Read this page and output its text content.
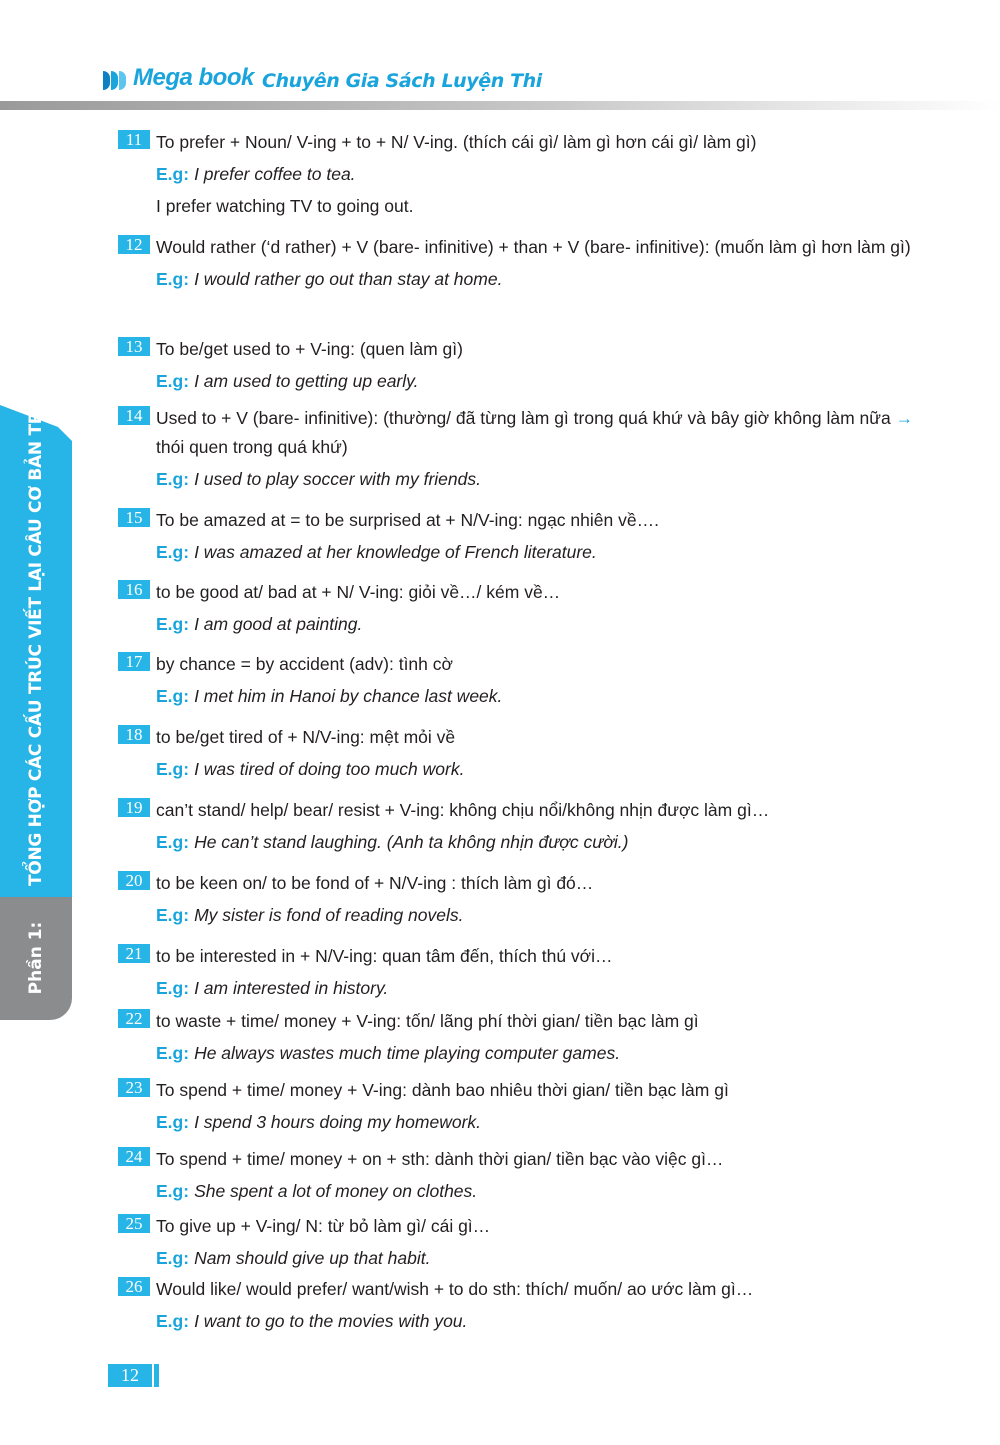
Mega book Chuyên Gia Sách Luyện Thi
TỔNG HỢP CÁC CẤU TRÚC VIẾT LẠI CÂU CƠ BẢN TRONG TIẾNG ANH
Phần 1:
11 To prefer + Noun/ V-ing + to + N/ V-ing. (thích cái gì/ làm gì hơn cái gì/ làm gì)
E.g: I prefer coffee to tea.
I prefer watching TV to going out.
12 Would rather (‘d rather) + V (bare- infinitive) + than + V (bare- infinitive): (muốn làm gì hơn làm gì)
E.g: I would rather go out than stay at home.
13 To be/get used to + V-ing: (quen làm gì)
E.g: I am used to getting up early.
14 Used to + V (bare- infinitive): (thường/ đã từng làm gì trong quá khứ và bây giờ không làm nữa → thói quen trong quá khứ)
E.g: I used to play soccer with my friends.
15 To be amazed at = to be surprised at + N/V-ing: ngạc nhiên về….
E.g: I was amazed at her knowledge of French literature.
16 to be good at/ bad at + N/ V-ing: giỏi về…/ kém về…
E.g: I am good at painting.
17 by chance = by accident (adv): tình cờ
E.g: I met him in Hanoi by chance last week.
18 to be/get tired of + N/V-ing: mệt mỏi về
E.g: I was tired of doing too much work.
19 can’t stand/ help/ bear/ resist + V-ing: không chịu nổi/không nhịn được làm gì…
E.g: He can’t stand laughing. (Anh ta không nhịn được cười.)
20 to be keen on/ to be fond of + N/V-ing : thích làm gì đó…
E.g: My sister is fond of reading novels.
21 to be interested in + N/V-ing: quan tâm đến, thích thú với…
E.g: I am interested in history.
22 to waste + time/ money + V-ing: tốn/ lãng phí thời gian/ tiền bạc làm gì
E.g: He always wastes much time playing computer games.
23 To spend + time/ money + V-ing: dành bao nhiêu thời gian/ tiền bạc làm gì
E.g: I spend 3 hours doing my homework.
24 To spend + time/ money + on + sth: dành thời gian/ tiền bạc vào việc gì…
E.g: She spent a lot of money on clothes.
25 To give up + V-ing/ N: từ bỏ làm gì/ cái gì…
E.g: Nam should give up that habit.
26 Would like/ would prefer/ want/wish + to do sth: thích/ muốn/ ao ước làm gì…
E.g: I want to go to the movies with you.
12
